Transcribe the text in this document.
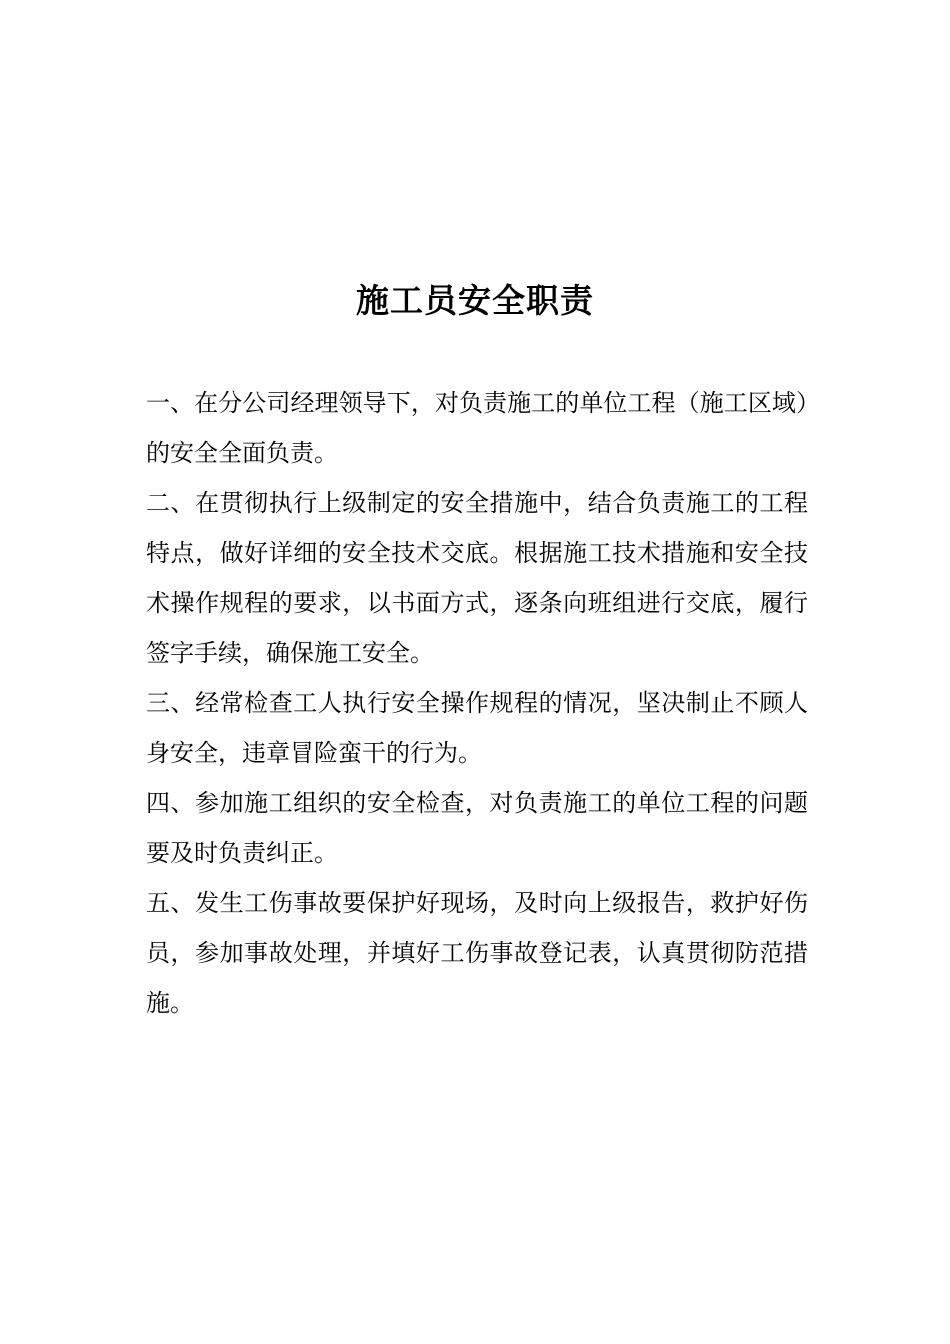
施工员安全职责

一、在分公司经理领导下，对负责施工的单位工程（施工区域）的安全全面负责。

二、在贯彻执行上级制定的安全措施中，结合负责施工的工程特点，做好详细的安全技术交底。根据施工技术措施和安全技术操作规程的要求，以书面方式，逐条向班组进行交底，履行签字手续，确保施工安全。

三、经常检查工人执行安全操作规程的情况，坚决制止不顾人身安全，违章冒险蛮干的行为。

四、参加施工组织的安全检查，对负责施工的单位工程的问题要及时负责纠正。

五、发生工伤事故要保护好现场，及时向上级报告，救护好伤员，参加事故处理，并填好工伤事故登记表，认真贯彻防范措施。
